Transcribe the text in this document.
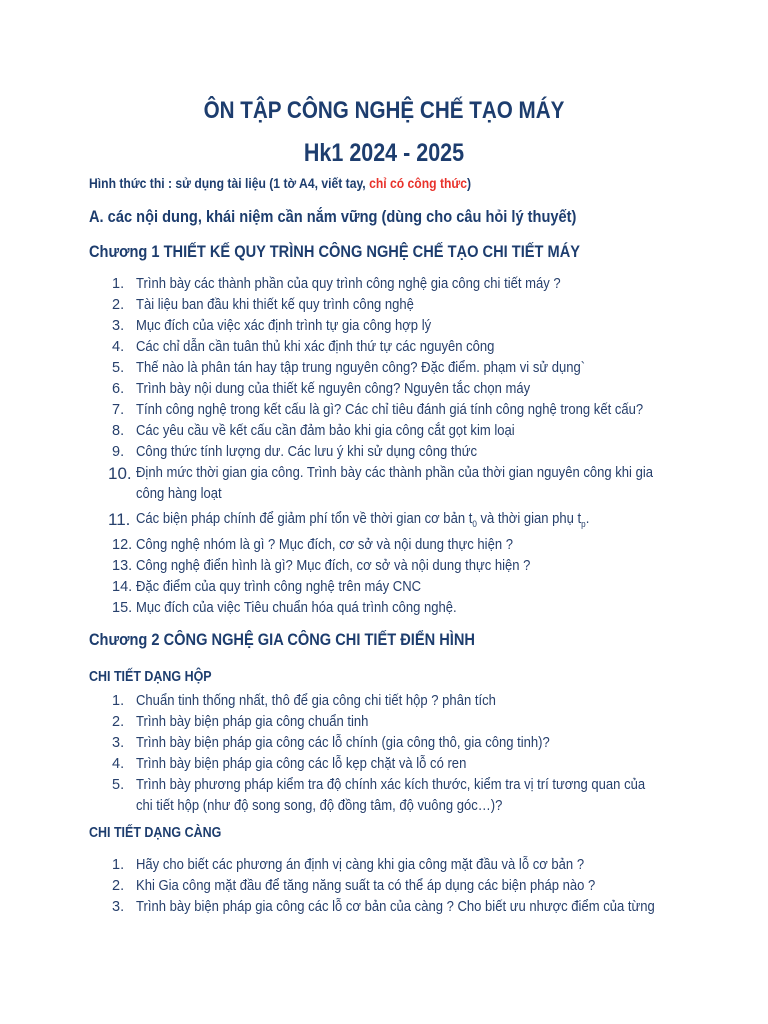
ÔN TẬP CÔNG NGHỆ CHẾ TẠO MÁY
Hk1 2024 - 2025
Hình thức thi : sử dụng tài liệu (1 tờ A4, viết tay, chỉ có công thức)
A. các nội dung, khái niệm cần nắm vững (dùng cho câu hỏi lý thuyết)
Chương 1 THIẾT KẾ QUY TRÌNH CÔNG NGHỆ CHẾ TẠO CHI TIẾT MÁY
1. Trình bày các thành phần của quy trình công nghệ gia công chi tiết máy ?
2. Tài liệu ban đầu khi thiết kế quy trình công nghệ
3. Mục đích của việc xác định trình tự gia công hợp lý
4. Các chỉ dẫn cần tuân thủ khi xác định thứ tự các nguyên công
5. Thế nào là phân tán hay tập trung nguyên công? Đặc điểm. phạm vi sử dụng`
6. Trình bày nội dung của thiết kế nguyên công? Nguyên tắc chọn máy
7. Tính công nghệ trong kết cấu là gì? Các chỉ tiêu đánh giá tính công nghệ trong kết cấu?
8. Các yêu cầu về kết cấu cần đảm bảo khi gia công cắt gọt kim loại
9. Công thức tính lượng dư. Các lưu ý khi sử dụng công thức
10. Định mức thời gian gia công. Trình bày các thành phần của thời gian nguyên công khi gia công hàng loạt
11. Các biện pháp chính để giảm phí tổn về thời gian cơ bản $t_0$ và thời gian phụ $t_p$.
12. Công nghệ nhóm là gì ? Mục đích, cơ sở và nội dung thực hiện ?
13. Công nghệ điển hình là gì? Mục đích, cơ sở và nội dung thực hiện ?
14. Đặc điểm của quy trình công nghệ trên máy CNC
15. Mục đích của việc Tiêu chuẩn hóa quá trình công nghệ.
Chương 2 CÔNG NGHỆ GIA CÔNG CHI TIẾT ĐIỂN HÌNH
CHI TIẾT DẠNG HỘP
1. Chuẩn tinh thống nhất, thô để gia công chi tiết hộp ? phân tích
2. Trình bày biện pháp gia công chuẩn tinh
3. Trình bày biện pháp gia công các lỗ chính (gia công thô, gia công tinh)?
4. Trình bày biện pháp gia công các lỗ kẹp chặt và lỗ có ren
5. Trình bày phương pháp kiểm tra độ chính xác kích thước, kiểm tra vị trí tương quan của chi tiết hộp (như độ song song, độ đồng tâm, độ vuông góc…)?
CHI TIẾT DẠNG CÀNG
1. Hãy cho biết các phương án định vị càng khi gia công mặt đầu và lỗ cơ bản ?
2. Khi Gia công mặt đầu để tăng năng suất ta có thể áp dụng các biện pháp nào ?
3. Trình bày biện pháp gia công các lỗ cơ bản của càng ? Cho biết ưu nhược điểm của từng
